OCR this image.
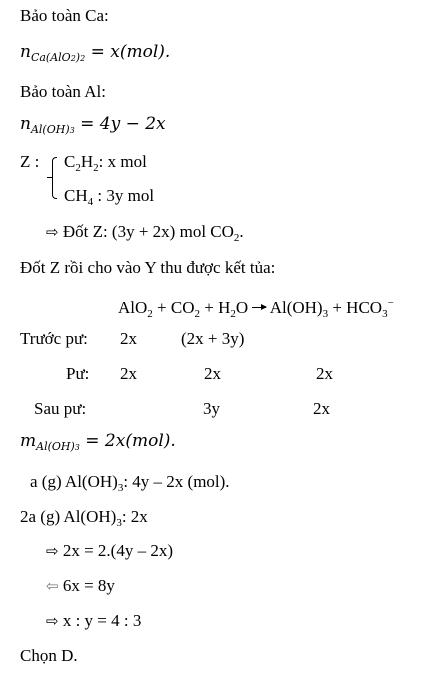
Bảo toàn Ca:
$n_{Ca(AlO2)2} = x(mol)$.
Bảo toàn Al:
$n_{Al(OH)3} = 4y - 2x$
Z : $C_2H_2$: x mol
$CH_4$ : 3y mol
⇨ Đốt Z: (3y + 2x) mol $CO_2$.
Đốt Z rồi cho vào Y thu được kết tủa:
$AlO_2 + CO_2 + H_2O \to Al(OH)_3 + HCO_3^-$
Trước pư: 2x	(2x + 3y)
Pư: 2x	2x	2x
Sau pư:	3y	2x
$m_{Al(OH)3} = 2x(mol)$.
a (g) $Al(OH)_3$: 4y – 2x (mol).
2a (g) $Al(OH)_3$: 2x
⇨ 2x = 2.(4y – 2x)
⇦ 6x = 8y
⇨ x : y = 4 : 3
Chọn D.
